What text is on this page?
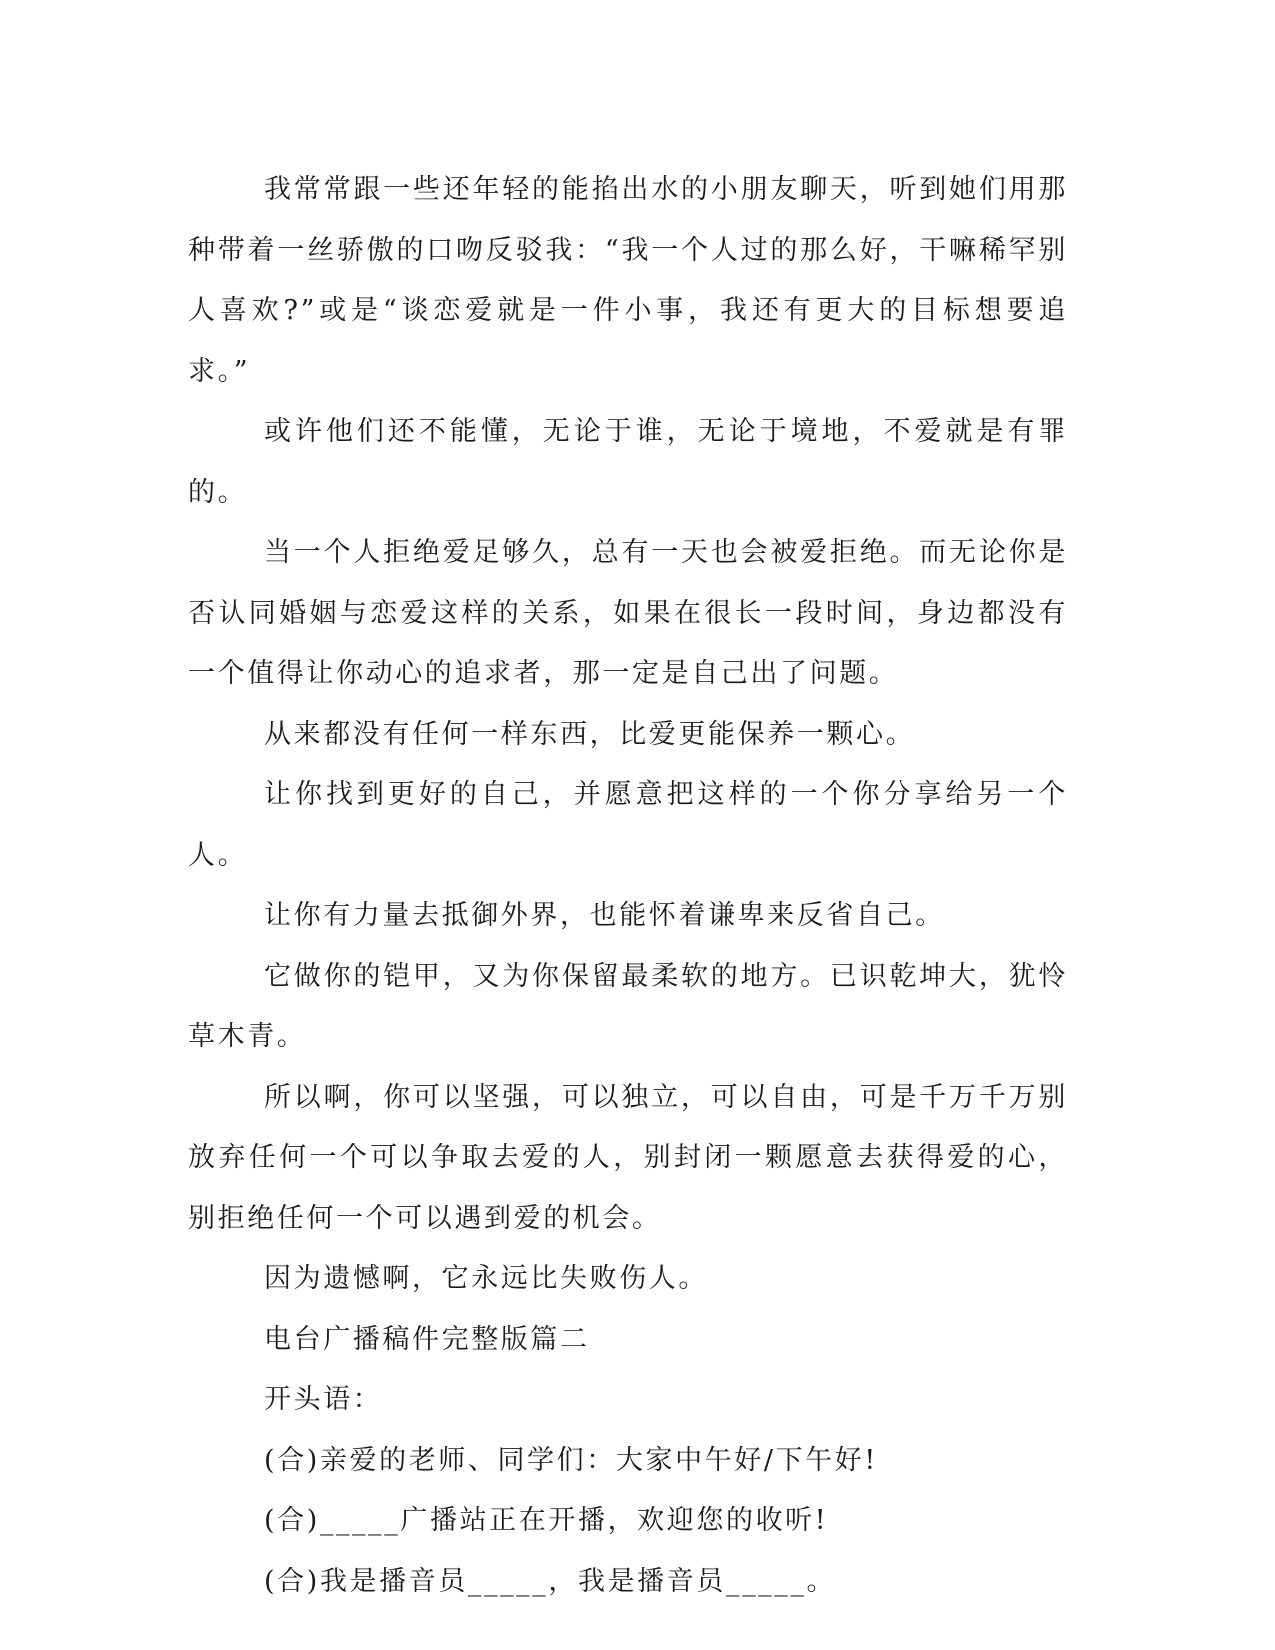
我常常跟一些还年轻的能掐出水的小朋友聊天，听到她们用那种带着一丝骄傲的口吻反驳我：“我一个人过的那么好，干嘛稀罕别人喜欢?”或是“谈恋爱就是一件小事，我还有更大的目标想要追求。”

或许他们还不能懂，无论于谁，无论于境地，不爱就是有罪的。

当一个人拒绝爱足够久，总有一天也会被爱拒绝。而无论你是否认同婚姻与恋爱这样的关系，如果在很长一段时间，身边都没有一个值得让你动心的追求者，那一定是自己出了问题。

从来都没有任何一样东西，比爱更能保养一颗心。

让你找到更好的自己，并愿意把这样的一个你分享给另一个人。

让你有力量去抵御外界，也能怀着谦卑来反省自己。

它做你的铠甲，又为你保留最柔软的地方。已识乾坤大，犹怜草木青。

所以啊，你可以坚强，可以独立，可以自由，可是千万千万别放弃任何一个可以争取去爱的人，别封闭一颗愿意去获得爱的心，别拒绝任何一个可以遇到爱的机会。

因为遗憾啊，它永远比失败伤人。

电台广播稿件完整版篇二

开头语：

(合)亲爱的老师、同学们：大家中午好/下午好!

(合)_____广播站正在开播，欢迎您的收听!

(合)我是播音员_____，我是播音员_____。
